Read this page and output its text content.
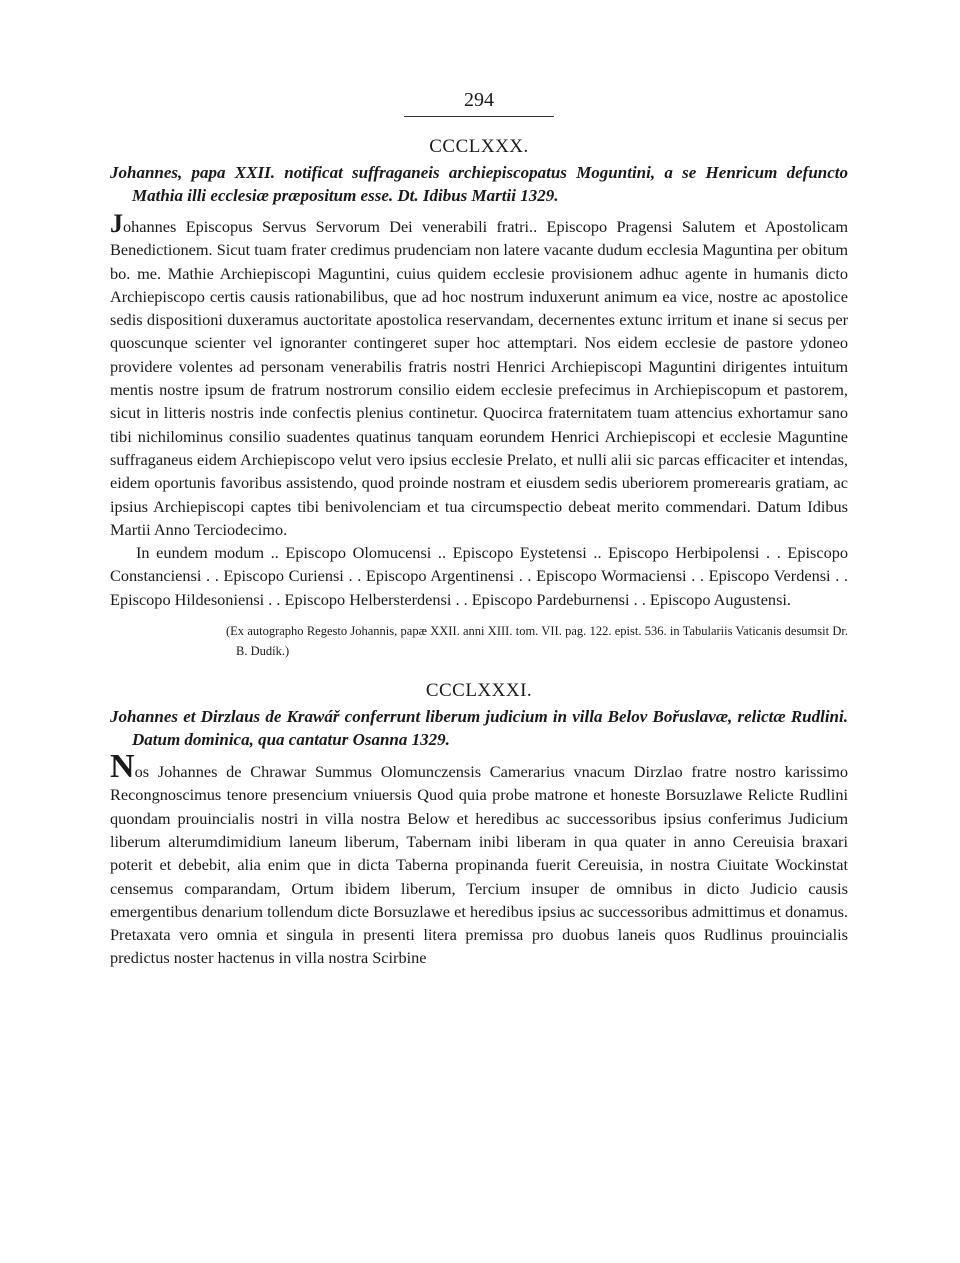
294
CCCLXXX.

Johannes, papa XXII. notificat suffraganeis archiepiscopatus Moguntini, a se Henricum defuncto Mathia illi ecclesiæ præpositum esse. Dt. Idibus Martii 1329.

Johannes Episcopus Servus Servorum Dei venerabili fratri.. Episcopo Pragensi Salutem et Apostolicam Benedictionem. Sicut tuam frater credimus prudenciam non latere vacante dudum ecclesia Maguntina per obitum bo. me. Mathie Archiepiscopi Maguntini, cuius quidem ecclesie provisionem adhuc agente in humanis dicto Archiepiscopo certis causis rationabilibus, que ad hoc nostrum induxerunt animum ea vice, nostre ac apostolice sedis dispositioni duxeramus auctoritate apostolica reservandam, decernentes extunc irritum et inane si secus per quoscunque scienter vel ignoranter contingeret super hoc attemptari. Nos eidem ecclesie de pastore ydoneo providere volentes ad personam venerabilis fratris nostri Henrici Archiepiscopi Maguntini dirigentes intuitum mentis nostre ipsum de fratrum nostrorum consilio eidem ecclesie prefecimus in Archiepiscopum et pastorem, sicut in litteris nostris inde confectis plenius continetur. Quocirca fraternitatem tuam attencius exhortamur sano tibi nichilominus consilio suadentes quatinus tanquam eorundem Henrici Archiepiscopi et ecclesie Maguntine suffraganeus eidem Archiepiscopo velut vero ipsius ecclesie Prelato, et nulli alii sic parcas efficaciter et intendas, eidem oportunis favoribus assistendo, quod proinde nostram et eiusdem sedis uberiorem promerearis gratiam, ac ipsius Archiepiscopi captes tibi benivolenciam et tua circumspectio debeat merito commendari. Datum Idibus Martii Anno Terciodecimo.

In eundem modum .. Episcopo Olomucensi .. Episcopo Eystetensi .. Episcopo Herbipolensi . . Episcopo Constanciensi . . Episcopo Curiensi . . Episcopo Argentinensi . . Episcopo Wormaciensi . . Episcopo Verdensi . . Episcopo Hildesoniensi . . Episcopo Helbersterdensi . . Episcopo Pardeburnensi . . Episcopo Augustensi.

(Ex autographo Regesto Johannis, papæ XXII. anni XIII. tom. VII. pag. 122. epist. 536. in Tabulariis Vaticanis desumsit Dr. B. Dudík.)

CCCLXXXI.

Johannes et Dirzlaus de Krawář conferrunt liberum judicium in villa Belov Bořuslavæ, relictæ Rudlini. Datum dominica, qua cantatur Osanna 1329.

Nos Johannes de Chrawar Summus Olomunczensis Camerarius vnacum Dirzlao fratre nostro karissimo Recongnoscimus tenore presencium vniuersis Quod quia probe matrone et honeste Borsuzlawe Relicte Rudlini quondam prouincialis nostri in villa nostra Below et heredibus ac successoribus ipsius conferimus Judicium liberum alterumdimidium laneum liberum, Tabernam inibi liberam in qua quater in anno Cereuisia braxari poterit et debebit, alia enim que in dicta Taberna propinanda fuerit Cereuisia, in nostra Ciuitate Wockinstat censemus comparandam, Ortum ibidem liberum, Tercium insuper de omnibus in dicto Judicio causis emergentibus denarium tollendum dicte Borsuzlawe et heredibus ipsius ac successoribus admittimus et donamus. Pretaxata vero omnia et singula in presenti litera premissa pro duobus laneis quos Rudlinus prouincialis predictus noster hactenus in villa nostra Scirbine
